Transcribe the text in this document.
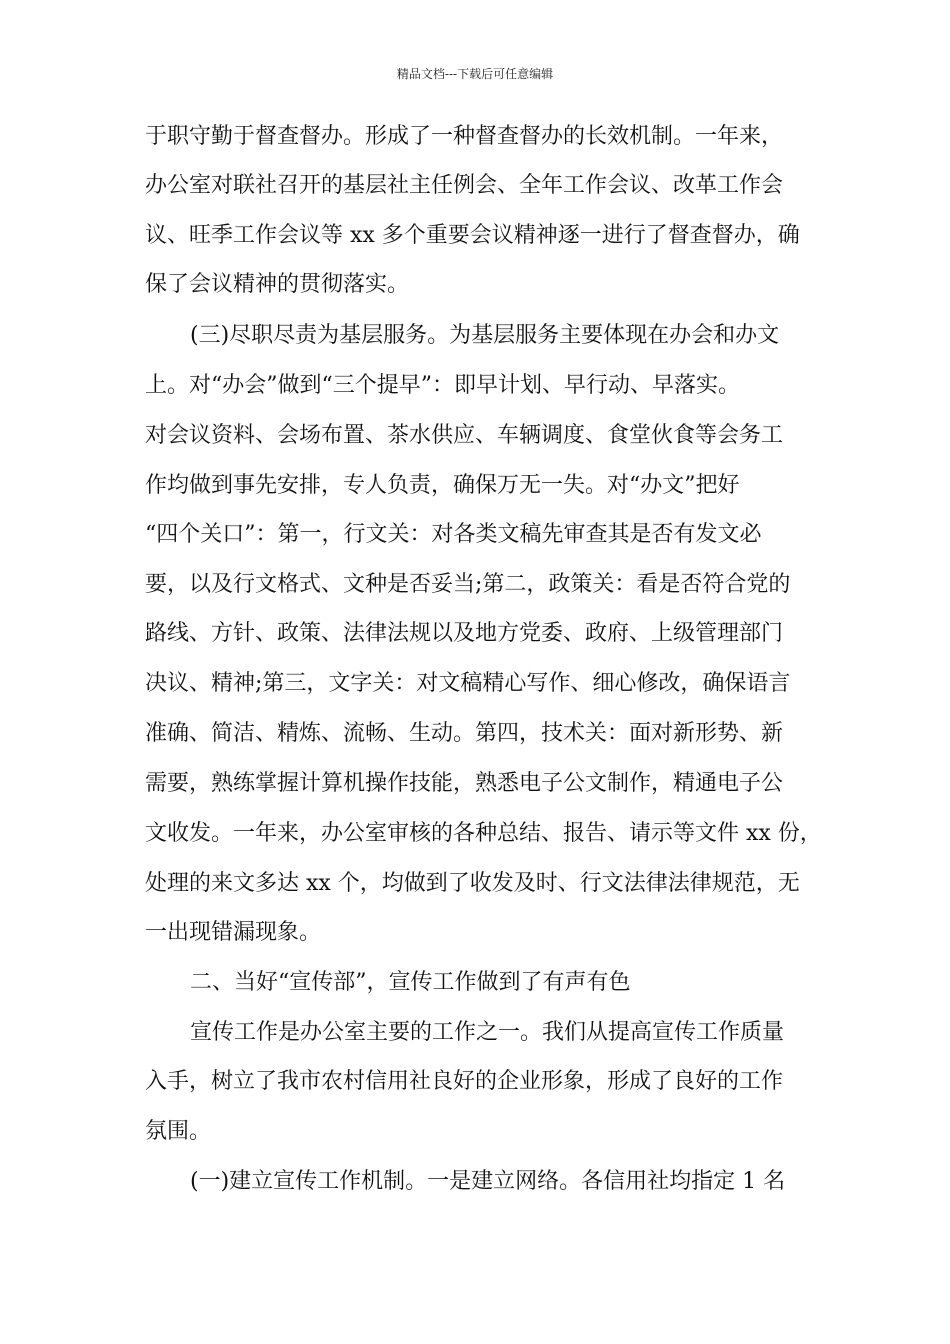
精品文档---下载后可任意编辑
于职守勤于督查督办。形成了一种督查督办的长效机制。一年来，
办公室对联社召开的基层社主任例会、全年工作会议、改革工作会
议、旺季工作会议等 xx 多个重要会议精神逐一进行了督查督办，确
保了会议精神的贯彻落实。
(三)尽职尽责为基层服务。为基层服务主要体现在办会和办文
上。对“办会”做到“三个提早”：即早计划、早行动、早落实。
对会议资料、会场布置、茶水供应、车辆调度、食堂伙食等会务工
作均做到事先安排，专人负责，确保万无一失。对“办文”把好
“四个关口”：第一，行文关：对各类文稿先审查其是否有发文必
要，以及行文格式、文种是否妥当;第二，政策关：看是否符合党的
路线、方针、政策、法律法规以及地方党委、政府、上级管理部门
决议、精神;第三，文字关：对文稿精心写作、细心修改，确保语言
准确、简洁、精炼、流畅、生动。第四，技术关：面对新形势、新
需要，熟练掌握计算机操作技能，熟悉电子公文制作，精通电子公
文收发。一年来，办公室审核的各种总结、报告、请示等文件 xx 份，
处理的来文多达 xx 个，均做到了收发及时、行文法律法律规范，无
一出现错漏现象。
二、当好“宣传部”，宣传工作做到了有声有色
宣传工作是办公室主要的工作之一。我们从提高宣传工作质量
入手，树立了我市农村信用社良好的企业形象，形成了良好的工作
氛围。
(一)建立宣传工作机制。一是建立网络。各信用社均指定 1 名
